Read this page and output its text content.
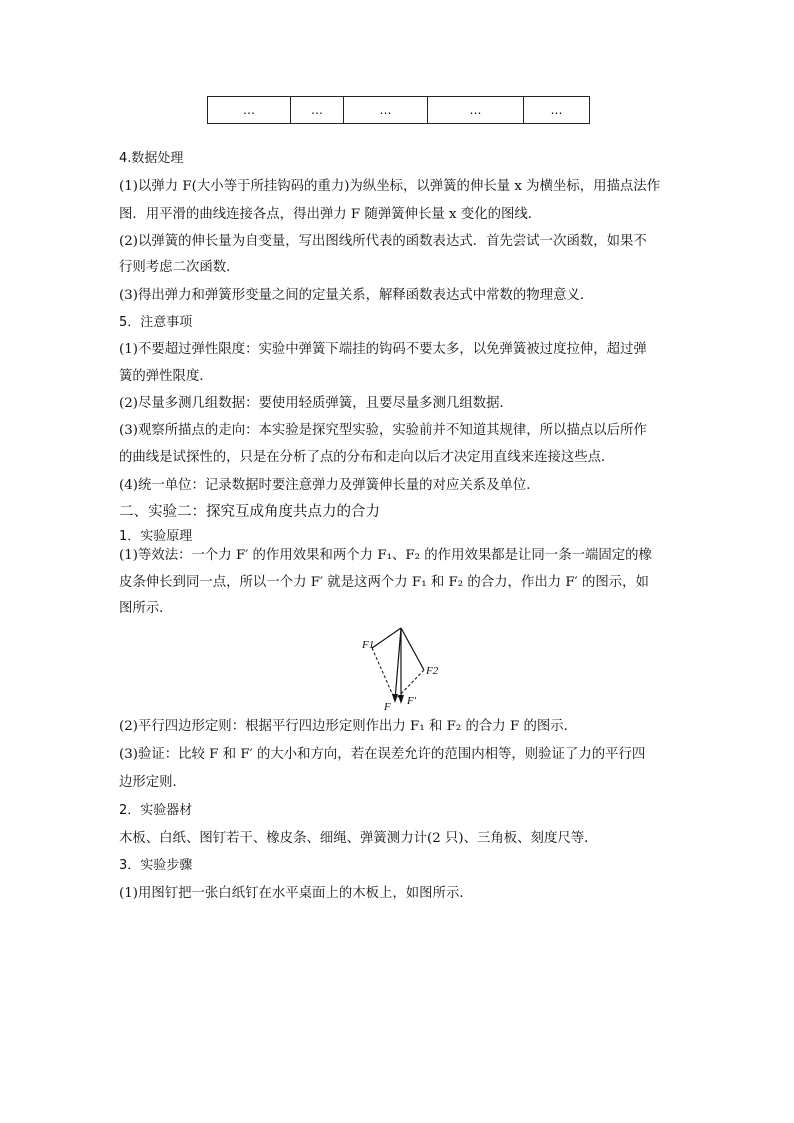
…	…	…	…	…

4.数据处理

(1)以弹力 F(大小等于所挂钩码的重力)为纵坐标，以弹簧的伸长量 x 为横坐标，用描点法作

图．用平滑的曲线连接各点，得出弹力 F 随弹簧伸长量 x 变化的图线．

(2)以弹簧的伸长量为自变量，写出图线所代表的函数表达式．首先尝试一次函数，如果不

行则考虑二次函数．

(3)得出弹力和弹簧形变量之间的定量关系，解释函数表达式中常数的物理意义．

5．注意事项

(1)不要超过弹性限度：实验中弹簧下端挂的钩码不要太多，以免弹簧被过度拉伸，超过弹

簧的弹性限度．

(2)尽量多测几组数据：要使用轻质弹簧，且要尽量多测几组数据．

(3)观察所描点的走向：本实验是探究型实验，实验前并不知道其规律，所以描点以后所作

的曲线是试探性的，只是在分析了点的分布和走向以后才决定用直线来连接这些点．

(4)统一单位：记录数据时要注意弹力及弹簧伸长量的对应关系及单位．

二、实验二：探究互成角度共点力的合力

1．实验原理

(1)等效法：一个力 F′ 的作用效果和两个力 F₁、F₂ 的作用效果都是让同一条一端固定的橡

皮条伸长到同一点，所以一个力 F′ 就是这两个力 F₁ 和 F₂ 的合力，作出力 F′ 的图示，如

图所示．

F1
F2
F F′

(2)平行四边形定则：根据平行四边形定则作出力 F₁ 和 F₂ 的合力 F 的图示．

(3)验证：比较 F 和 F′ 的大小和方向，若在误差允许的范围内相等，则验证了力的平行四

边形定则．

2．实验器材

木板、白纸、图钉若干、橡皮条、细绳、弹簧测力计(2 只)、三角板、刻度尺等．

3．实验步骤

(1)用图钉把一张白纸钉在水平桌面上的木板上，如图所示．
